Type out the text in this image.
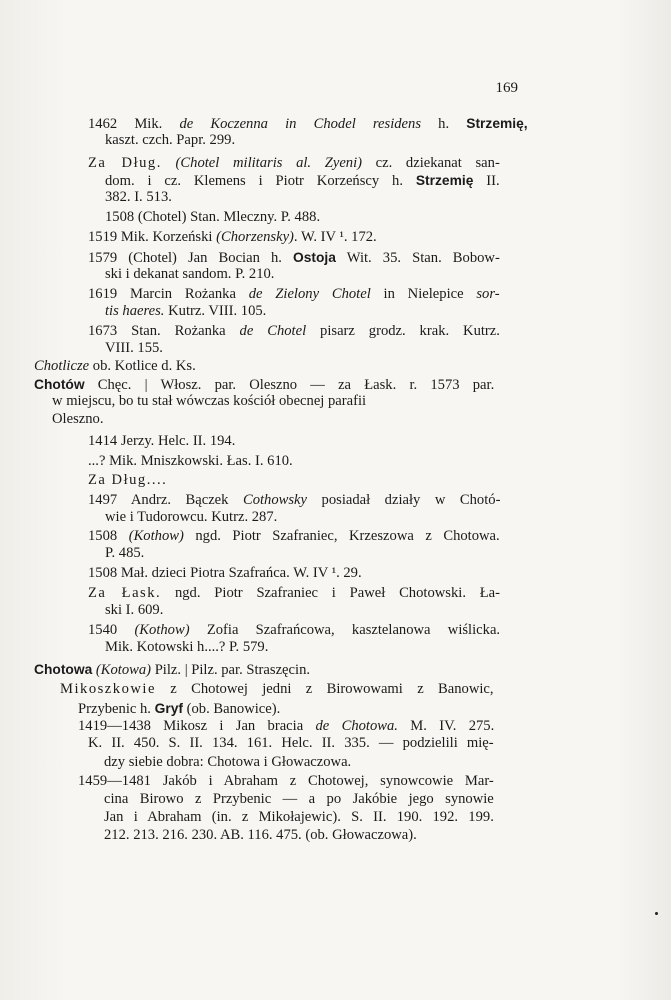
169
1462 Mik. de Koczenna in Chodel residens h. Strzemię,
kaszt. czch. Papr. 299.
Za Dług. (Chotel militaris al. Zyeni) cz. dziekanat san-
dom. i cz. Klemens i Piotr Korzeńscy h. Strzemię II.
382. I. 513.
1508 (Chotel) Stan. Mleczny. P. 488.
1519 Mik. Korzeński (Chorzensky). W. IV ¹. 172.
1579 (Chotel) Jan Bocian h. Ostoja Wit. 35. Stan. Bobow-
ski i dekanat sandom. P. 210.
1619 Marcin Rożanka de Zielony Chotel in Nielepice sor-
tis haeres. Kutrz. VIII. 105.
1673 Stan. Rożanka de Chotel pisarz grodz. krak. Kutrz.
VIII. 155.
Chotlicze ob. Kotlice d. Ks.
Chotów Chęc. | Włosz. par. Oleszno — za Łask. r. 1573 par.
w miejscu, bo tu stał wówczas kościół obecnej parafii
Oleszno.
1414 Jerzy. Helc. II. 194.
...? Mik. Mniszkowski. Łas. I. 610.
Za Dług....
1497 Andrz. Bączek Cothowsky posiadał działy w Chotó-
wie i Tudorowcu. Kutrz. 287.
1508 (Kothow) ngd. Piotr Szafraniec, Krzeszowa z Chotowa.
P. 485.
1508 Mał. dzieci Piotra Szafrańca. W. IV ¹. 29.
Za Łask. ngd. Piotr Szafraniec i Paweł Chotowski. Ła-
ski I. 609.
1540 (Kothow) Zofia Szafrańcowa, kasztelanowa wiślicka.
Mik. Kotowski h....? P. 579.
Chotowa (Kotowa) Pilz. | Pilz. par. Straszęcin.
Mikoszkowie z Chotowej jedni z Birowowami z Banowic,
Przybenic h. Gryf (ob. Banowice).
1419—1438 Mikosz i Jan bracia de Chotowa. M. IV. 275.
K. II. 450. S. II. 134. 161. Helc. II. 335. — podzielili mię-
dzy siebie dobra: Chotowa i Głowaczowa.
1459—1481 Jakób i Abraham z Chotowej, synowcowie Mar-
cina Birowo z Przybenic — a po Jakóbie jego synowie
Jan i Abraham (in. z Mikołajewic). S. II. 190. 192. 199.
212. 213. 216. 230. AB. 116. 475. (ob. Głowaczowa).
